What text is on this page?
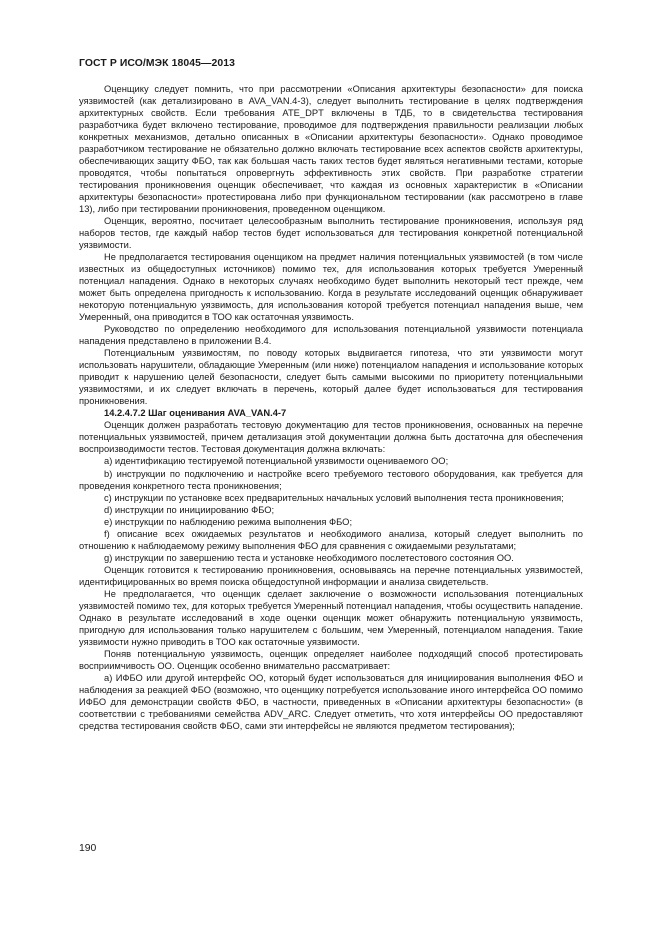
ГОСТ Р ИСО/МЭК 18045—2013

Оценщику следует помнить, что при рассмотрении «Описания архитектуры безопасности» для поиска уязвимостей (как детализировано в AVA_VAN.4-3), следует выполнить тестирование в целях подтверждения архитектурных свойств. Если требования ATE_DPT включены в ТДБ, то в свидетельства тестирования разработчика будет включено тестирование, проводимое для подтверждения правильности реализации любых конкретных механизмов, детально описанных в «Описании архитектуры безопасности». Однако проводимое разработчиком тестирование не обязательно должно включать тестирование всех аспектов свойств архитектуры, обеспечивающих защиту ФБО, так как большая часть таких тестов будет являться негативными тестами, которые проводятся, чтобы попытаться опровергнуть эффективность этих свойств. При разработке стратегии тестирования проникновения оценщик обеспечивает, что каждая из основных характеристик в «Описании архитектуры безопасности» протестирована либо при функциональном тестировании (как рассмотрено в главе 13), либо при тестировании проникновения, проведенном оценщиком.

Оценщик, вероятно, посчитает целесообразным выполнить тестирование проникновения, используя ряд наборов тестов, где каждый набор тестов будет использоваться для тестирования конкретной потенциальной уязвимости.

Не предполагается тестирования оценщиком на предмет наличия потенциальных уязвимостей (в том числе известных из общедоступных источников) помимо тех, для использования которых требуется Умеренный потенциал нападения. Однако в некоторых случаях необходимо будет выполнить некоторый тест прежде, чем может быть определена пригодность к использованию. Когда в результате исследований оценщик обнаруживает некоторую потенциальную уязвимость, для использования которой требуется потенциал нападения выше, чем Умеренный, она приводится в ТОО как остаточная уязвимость.

Руководство по определению необходимого для использования потенциальной уязвимости потенциала нападения представлено в приложении В.4.

Потенциальным уязвимостям, по поводу которых выдвигается гипотеза, что эти уязвимости могут использовать нарушители, обладающие Умеренным (или ниже) потенциалом нападения и использование которых приводит к нарушению целей безопасности, следует быть самыми высокими по приоритету потенциальными уязвимостями, и их следует включать в перечень, который далее будет использоваться для тестирования проникновения.

14.2.4.7.2 Шаг оценивания AVA_VAN.4-7

Оценщик должен разработать тестовую документацию для тестов проникновения, основанных на перечне потенциальных уязвимостей, причем детализация этой документации должна быть достаточна для обеспечения воспроизводимости тестов. Тестовая документация должна включать:

a) идентификацию тестируемой потенциальной уязвимости оцениваемого ОО;

b) инструкции по подключению и настройке всего требуемого тестового оборудования, как требуется для проведения конкретного теста проникновения;

c) инструкции по установке всех предварительных начальных условий выполнения теста проникновения;

d) инструкции по инициированию ФБО;

e) инструкции по наблюдению режима выполнения ФБО;

f) описание всех ожидаемых результатов и необходимого анализа, который следует выполнить по отношению к наблюдаемому режиму выполнения ФБО для сравнения с ожидаемыми результатами;

g) инструкции по завершению теста и установке необходимого послетестового состояния ОО.

Оценщик готовится к тестированию проникновения, основываясь на перечне потенциальных уязвимостей, идентифицированных во время поиска общедоступной информации и анализа свидетельств.

Не предполагается, что оценщик сделает заключение о возможности использования потенциальных уязвимостей помимо тех, для которых требуется Умеренный потенциал нападения, чтобы осуществить нападение. Однако в результате исследований в ходе оценки оценщик может обнаружить потенциальную уязвимость, пригодную для использования только нарушителем с большим, чем Умеренный, потенциалом нападения. Такие уязвимости нужно приводить в ТОО как остаточные уязвимости.

Поняв потенциальную уязвимость, оценщик определяет наиболее подходящий способ протестировать восприимчивость ОО. Оценщик особенно внимательно рассматривает:

a) ИФБО или другой интерфейс ОО, который будет использоваться для инициирования выполнения ФБО и наблюдения за реакцией ФБО (возможно, что оценщику потребуется использование иного интерфейса ОО помимо ИФБО для демонстрации свойств ФБО, в частности, приведенных в «Описании архитектуры безопасности» (в соответствии с требованиями семейства ADV_ARC. Следует отметить, что хотя интерфейсы ОО предоставляют средства тестирования свойств ФБО, сами эти интерфейсы не являются предметом тестирования);

190
